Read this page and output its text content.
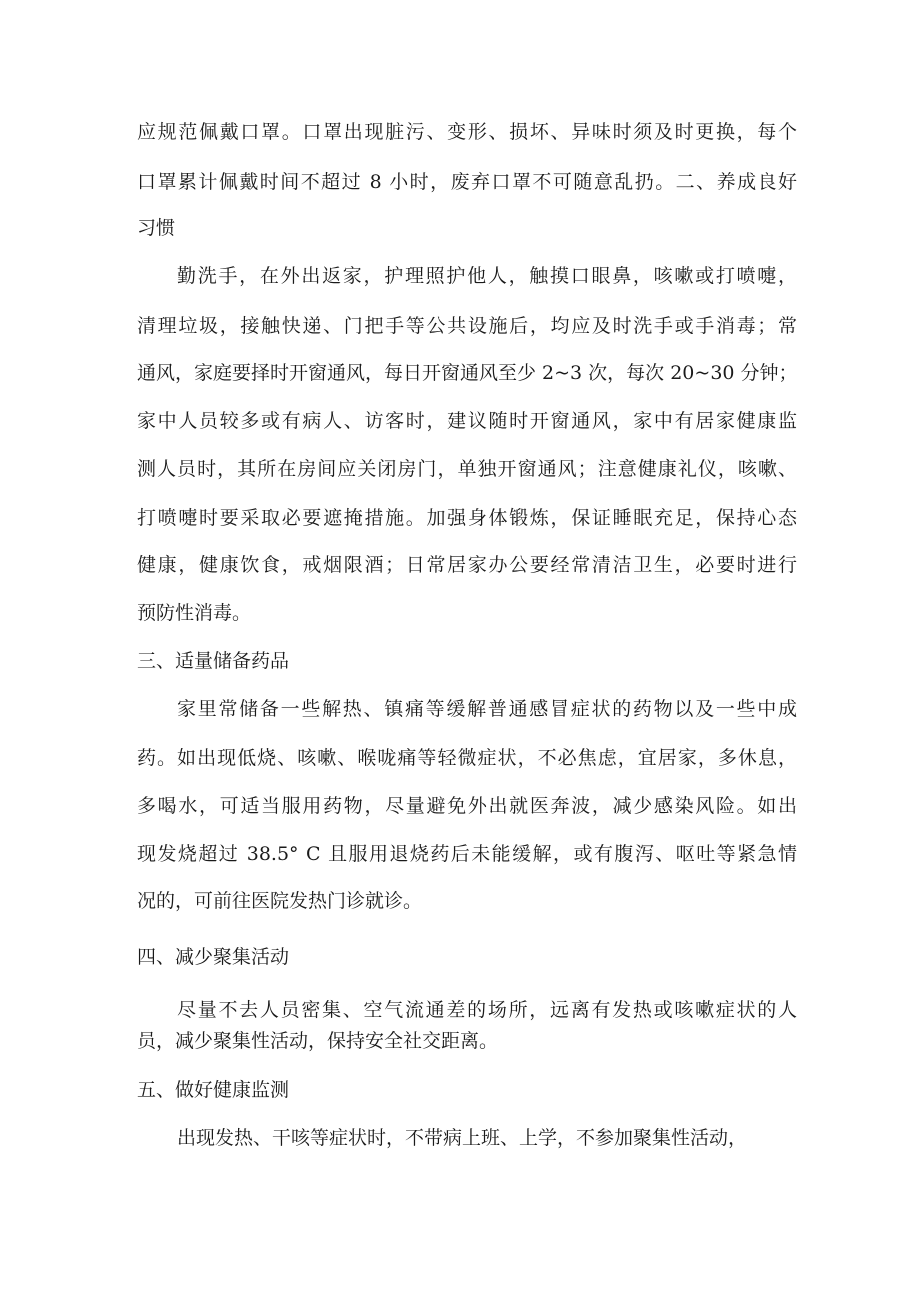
应规范佩戴口罩。口罩出现脏污、变形、损坏、异味时须及时更换，每个
口罩累计佩戴时间不超过 8 小时，废弃口罩不可随意乱扔。二、养成良好
习惯
勤洗手，在外出返家，护理照护他人，触摸口眼鼻，咳嗽或打喷嚏，
清理垃圾，接触快递、门把手等公共设施后，均应及时洗手或手消毒；常
通风，家庭要择时开窗通风，每日开窗通风至少 2~3 次，每次 20~30 分钟；
家中人员较多或有病人、访客时，建议随时开窗通风，家中有居家健康监
测人员时，其所在房间应关闭房门，单独开窗通风；注意健康礼仪，咳嗽、
打喷嚏时要采取必要遮掩措施。加强身体锻炼，保证睡眠充足，保持心态
健康，健康饮食，戒烟限酒；日常居家办公要经常清洁卫生，必要时进行
预防性消毒。
三、适量储备药品
家里常储备一些解热、镇痛等缓解普通感冒症状的药物以及一些中成
药。如出现低烧、咳嗽、喉咙痛等轻微症状，不必焦虑，宜居家，多休息，
多喝水，可适当服用药物，尽量避免外出就医奔波，减少感染风险。如出
现发烧超过 38.5° C 且服用退烧药后未能缓解，或有腹泻、呕吐等紧急情
况的，可前往医院发热门诊就诊。
四、减少聚集活动
尽量不去人员密集、空气流通差的场所，远离有发热或咳嗽症状的人
员，减少聚集性活动，保持安全社交距离。
五、做好健康监测
出现发热、干咳等症状时，不带病上班、上学，不参加聚集性活动，
